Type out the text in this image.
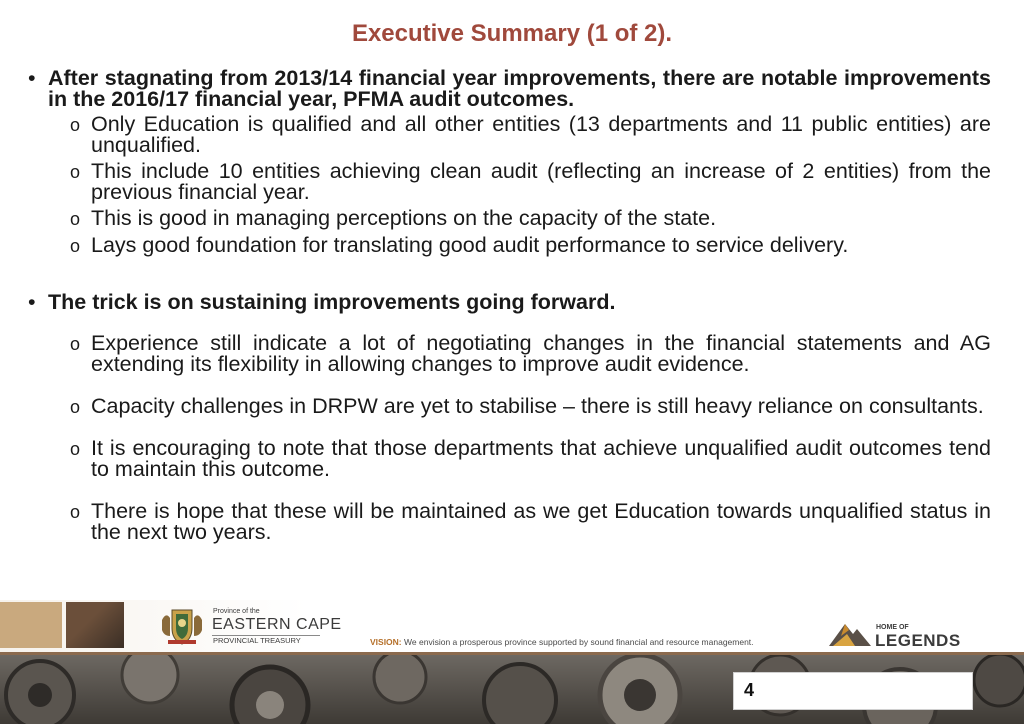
Executive Summary (1 of 2).
• After stagnating from 2013/14 financial year improvements, there are notable improvements in the 2016/17 financial year, PFMA audit outcomes.
o Only Education is qualified and all other entities (13 departments and 11 public entities) are unqualified.
o This include 10 entities achieving clean audit (reflecting an increase of 2 entities) from the previous financial year.
o This is good in managing perceptions on the capacity of the state.
o Lays good foundation for translating good audit performance to service delivery.
• The trick is on sustaining improvements going forward.
o Experience still indicate a lot of negotiating changes in the financial statements and AG extending its flexibility in allowing changes to improve audit evidence.
o Capacity challenges in DRPW are yet to stabilise – there is still heavy reliance on consultants.
o It is encouraging to note that those departments that achieve unqualified audit outcomes tend to maintain this outcome.
o There is hope that these will be maintained as we get Education towards unqualified status in the next two years.
Province of the
EASTERN CAPE
PROVINCIAL TREASURY	VISION: We envision a prosperous province supported by sound financial and resource management.
HOME OF
LEGENDS
4
